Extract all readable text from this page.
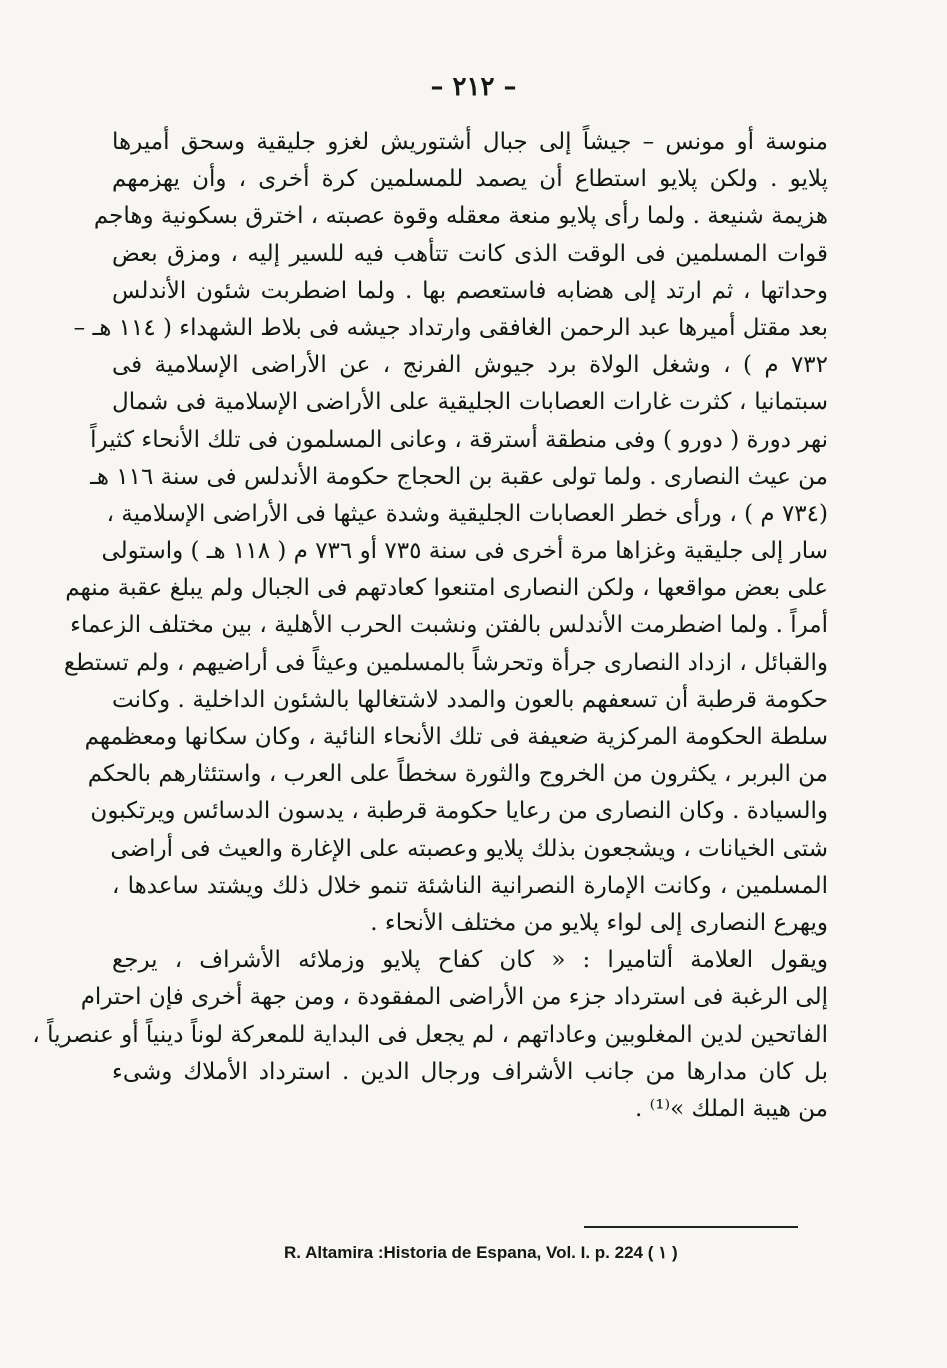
– ٢١٢ –
منوسة أو مونس – جيشاً إلى جبال أشتوريش لغزو جليقية وسحق أميرها
پلايو . ولكن پلايو استطاع أن يصمد للمسلمين كرة أخرى ، وأن يهزمهم
هزيمة شنيعة . ولما رأى پلايو منعة معقله وقوة عصبته ، اخترق بسكونية وهاجم
قوات المسلمين فى الوقت الذى كانت تتأهب فيه للسير إليه ، ومزق بعض
وحداتها ، ثم ارتد إلى هضابه فاستعصم بها . ولما اضطربت شئون الأندلس
بعد مقتل أميرها عبد الرحمن الغافقى وارتداد جيشه فى بلاط الشهداء ( ١١٤ هـ –
٧٣٢ م ) ، وشغل الولاة برد جيوش الفرنج ، عن الأراضى الإسلامية فى
سبتمانيا ، كثرت غارات العصابات الجليقية على الأراضى الإسلامية فى شمال
نهر دورة ( دورو ) وفى منطقة أسترقة ، وعانى المسلمون فى تلك الأنحاء كثيراً
من عيث النصارى . ولما تولى عقبة بن الحجاج حكومة الأندلس فى سنة ١١٦ هـ
(٧٣٤ م ) ، ورأى خطر العصابات الجليقية وشدة عيثها فى الأراضى الإسلامية ،
سار إلى جليقية وغزاها مرة أخرى فى سنة ٧٣٥ أو ٧٣٦ م ( ١١٨ هـ ) واستولى
على بعض مواقعها ، ولكن النصارى امتنعوا كعادتهم فى الجبال ولم يبلغ عقبة منهم
أمراً . ولما اضطرمت الأندلس بالفتن ونشبت الحرب الأهلية ، بين مختلف الزعماء
والقبائل ، ازداد النصارى جرأة وتحرشاً بالمسلمين وعيثاً فى أراضيهم ، ولم تستطع
حكومة قرطبة أن تسعفهم بالعون والمدد لاشتغالها بالشئون الداخلية . وكانت
سلطة الحكومة المركزية ضعيفة فى تلك الأنحاء النائية ، وكان سكانها ومعظمهم
من البربر ، يكثرون من الخروج والثورة سخطاً على العرب ، واستئثارهم بالحكم
والسيادة . وكان النصارى من رعايا حكومة قرطبة ، يدسون الدسائس ويرتكبون
شتى الخيانات ، ويشجعون بذلك پلايو وعصبته على الإغارة والعيث فى أراضى
المسلمين ، وكانت الإمارة النصرانية الناشئة تنمو خلال ذلك ويشتد ساعدها ،
ويهرع النصارى إلى لواء پلايو من مختلف الأنحاء .
ويقول العلامة ألتاميرا : « كان كفاح پلايو وزملائه الأشراف ، يرجع
إلى الرغبة فى استرداد جزء من الأراضى المفقودة ، ومن جهة أخرى فإن احترام
الفاتحين لدين المغلوبين وعاداتهم ، لم يجعل فى البداية للمعركة لوناً دينياً أو عنصرياً ،
بل كان مدارها من جانب الأشراف ورجال الدين . استرداد الأملاك وشىء
من هيبة الملك »⁽¹⁾ .
R. Altamira :Historia de Espana, Vol. I. p. 224 ( ١ )
